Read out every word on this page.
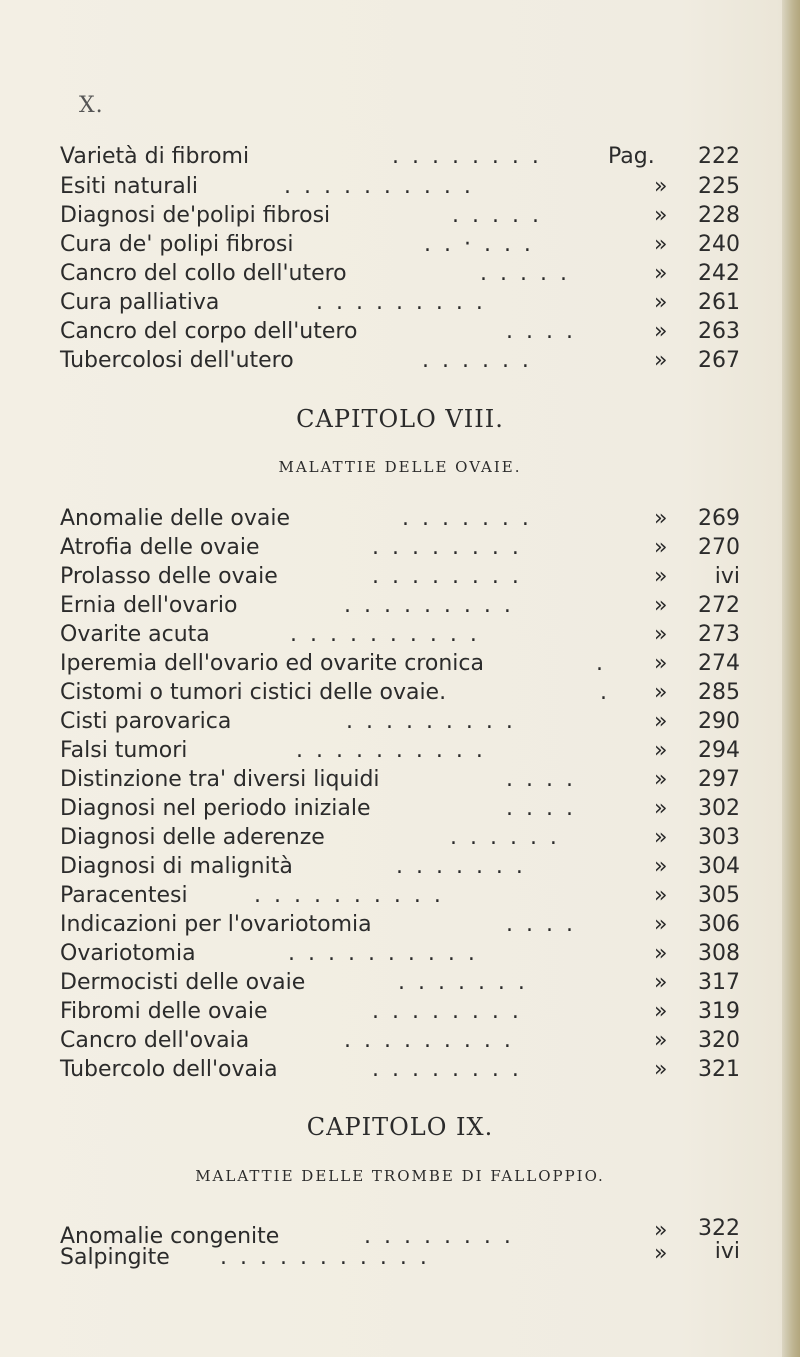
X.
Varietà di fibromi	. . . . . . . .	Pag.	222
Esiti naturali	. . . . . . . . . .	»	225
Diagnosi de'polipi fibrosi	. . . . .	»	228
Cura de' polipi fibrosi	. . · . . .	»	240
Cancro del collo dell'utero	. . . . .	»	242
Cura palliativa	. . . . . . . . .	»	261
Cancro del corpo dell'utero	. . . .	»	263
Tubercolosi dell'utero	. . . . . .	»	267
CAPITOLO VIII.
MALATTIE DELLE OVAIE.
Anomalie delle ovaie	. . . . . . .	»	269
Atrofia delle ovaie	. . . . . . . .	»	270
Prolasso delle ovaie	. . . . . . . .	»	ivi
Ernia dell'ovario	. . . . . . . . .	»	272
Ovarite acuta	. . . . . . . . . .	»	273
Iperemia dell'ovario ed ovarite cronica	. »	274
Cistomi o tumori cistici delle ovaie.	. »	285
Cisti parovarica	. . . . . . . . .	»	290
Falsi tumori	. . . . . . . . . .	»	294
Distinzione tra' diversi liquidi	. . . .	»	297
Diagnosi nel periodo iniziale	. . . .	»	302
Diagnosi delle aderenze	. . . . . .	»	303
Diagnosi di malignità	. . . . . . .	»	304
Paracentesi	. . . . . . . . . .	»	305
Indicazioni per l'ovariotomia	. . . .	»	306
Ovariotomia	. . . . . . . . . .	»	308
Dermocisti delle ovaie	. . . . . . .	»	317
Fibromi delle ovaie	. . . . . . . .	»	319
Cancro dell'ovaia	. . . . . . . . .	»	320
Tubercolo dell'ovaia	. . . . . . . .	»	321
CAPITOLO IX.
MALATTIE DELLE TROMBE DI FALLOPPIO.
Anomalie congenite	. . . . . . . .	»	322
Salpingite . . . . . . . . . . .	»	ivi
